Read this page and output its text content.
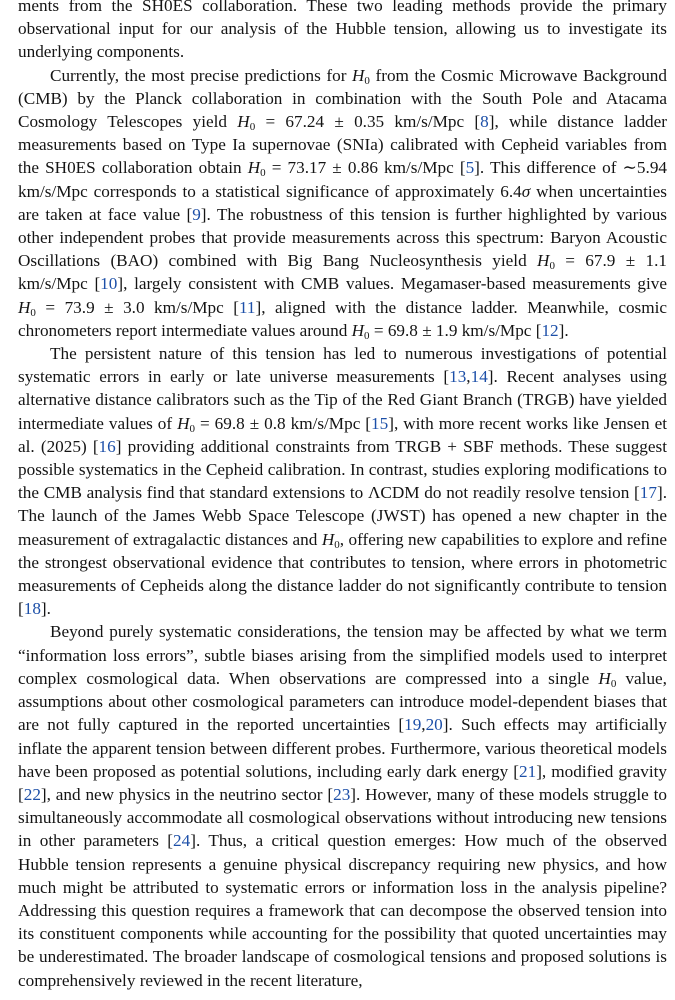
ments from the SH0ES collaboration. These two leading methods provide the primary observational input for our analysis of the Hubble tension, allowing us to investigate its underlying components.

Currently, the most precise predictions for $H_0$ from the Cosmic Microwave Background (CMB) by the Planck collaboration in combination with the South Pole and Atacama Cosmology Telescopes yield $H_0 = 67.24 \pm 0.35$ km/s/Mpc [8], while distance ladder measurements based on Type Ia supernovae (SNIa) calibrated with Cepheid variables from the SH0ES collaboration obtain $H_0 = 73.17 \pm 0.86$ km/s/Mpc [5]. This difference of ∼5.94 km/s/Mpc corresponds to a statistical significance of approximately 6.4σ when uncertainties are taken at face value [9]. The robustness of this tension is further highlighted by various other independent probes that provide measurements across this spectrum: Baryon Acoustic Oscillations (BAO) combined with Big Bang Nucleosynthesis yield $H_0 = 67.9 \pm 1.1$ km/s/Mpc [10], largely consistent with CMB values. Megamaser-based measurements give $H_0 = 73.9 \pm 3.0$ km/s/Mpc [11], aligned with the distance ladder. Meanwhile, cosmic chronometers report intermediate values around $H_0 = 69.8 \pm 1.9$ km/s/Mpc [12].

The persistent nature of this tension has led to numerous investigations of potential systematic errors in early or late universe measurements [13,14]. Recent analyses using alternative distance calibrators such as the Tip of the Red Giant Branch (TRGB) have yielded intermediate values of $H_0 = 69.8 \pm 0.8$ km/s/Mpc [15], with more recent works like Jensen et al. (2025) [16] providing additional constraints from TRGB + SBF methods. These suggest possible systematics in the Cepheid calibration. In contrast, studies exploring modifications to the CMB analysis find that standard extensions to ΛCDM do not readily resolve tension [17]. The launch of the James Webb Space Telescope (JWST) has opened a new chapter in the measurement of extragalactic distances and $H_0$, offering new capabilities to explore and refine the strongest observational evidence that contributes to tension, where errors in photometric measurements of Cepheids along the distance ladder do not significantly contribute to tension [18].

Beyond purely systematic considerations, the tension may be affected by what we term “information loss errors”, subtle biases arising from the simplified models used to interpret complex cosmological data. When observations are compressed into a single $H_0$ value, assumptions about other cosmological parameters can introduce model-dependent biases that are not fully captured in the reported uncertainties [19,20]. Such effects may artificially inflate the apparent tension between different probes. Furthermore, various theoretical models have been proposed as potential solutions, including early dark energy [21], modified gravity [22], and new physics in the neutrino sector [23]. However, many of these models struggle to simultaneously accommodate all cosmological observations without introducing new tensions in other parameters [24]. Thus, a critical question emerges: How much of the observed Hubble tension represents a genuine physical discrepancy requiring new physics, and how much might be attributed to systematic errors or information loss in the analysis pipeline? Addressing this question requires a framework that can decompose the observed tension into its constituent components while accounting for the possibility that quoted uncertainties may be underestimated. The broader landscape of cosmological tensions and proposed solutions is comprehensively reviewed in the recent literature,
